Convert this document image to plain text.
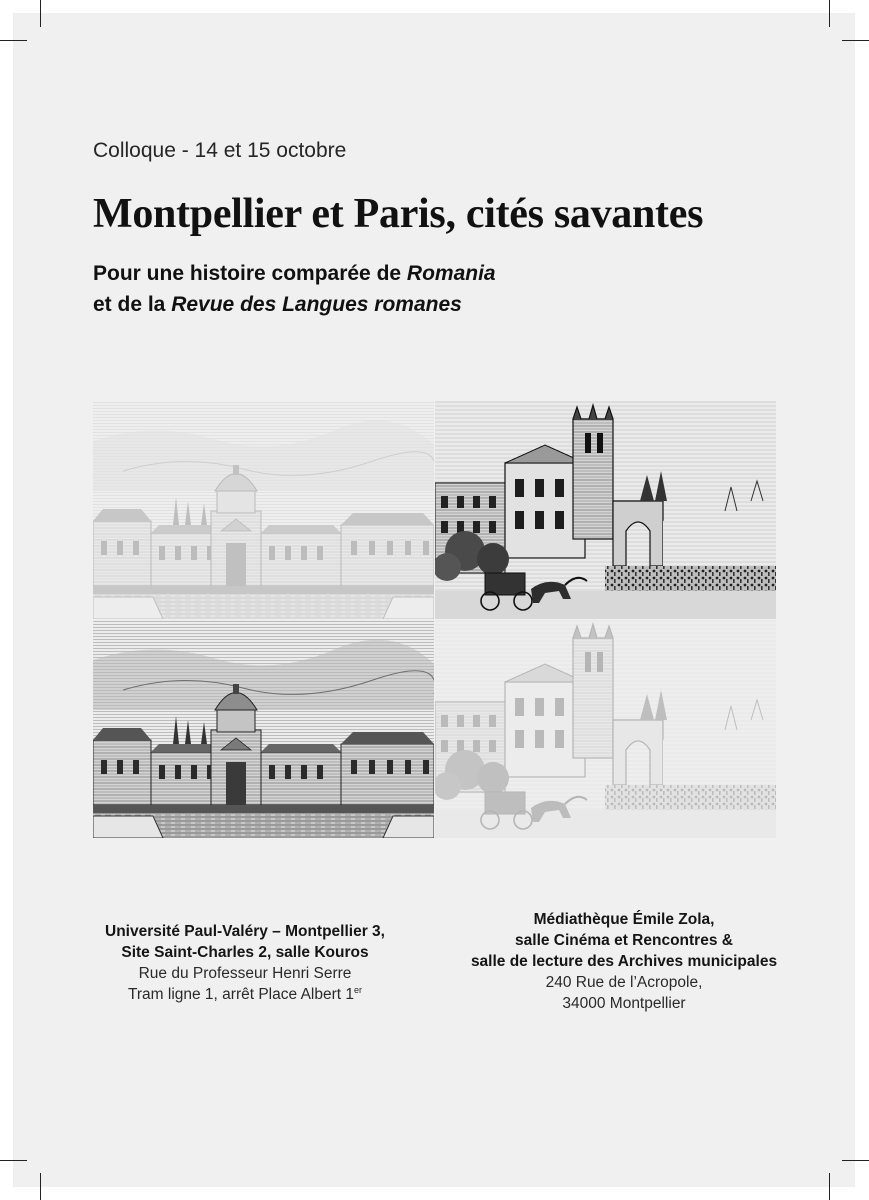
Colloque - 14 et 15 octobre
Montpellier et Paris, cités savantes
Pour une histoire comparée de Romania
et de la Revue des Langues romanes
Université Paul-Valéry – Montpellier 3,
Site Saint-Charles 2, salle Kouros
Rue du Professeur Henri Serre
Tram ligne 1, arrêt Place Albert 1er
Médiathèque Émile Zola,
salle Cinéma et Rencontres &
salle de lecture des Archives municipales
240 Rue de l’Acropole,
34000 Montpellier
